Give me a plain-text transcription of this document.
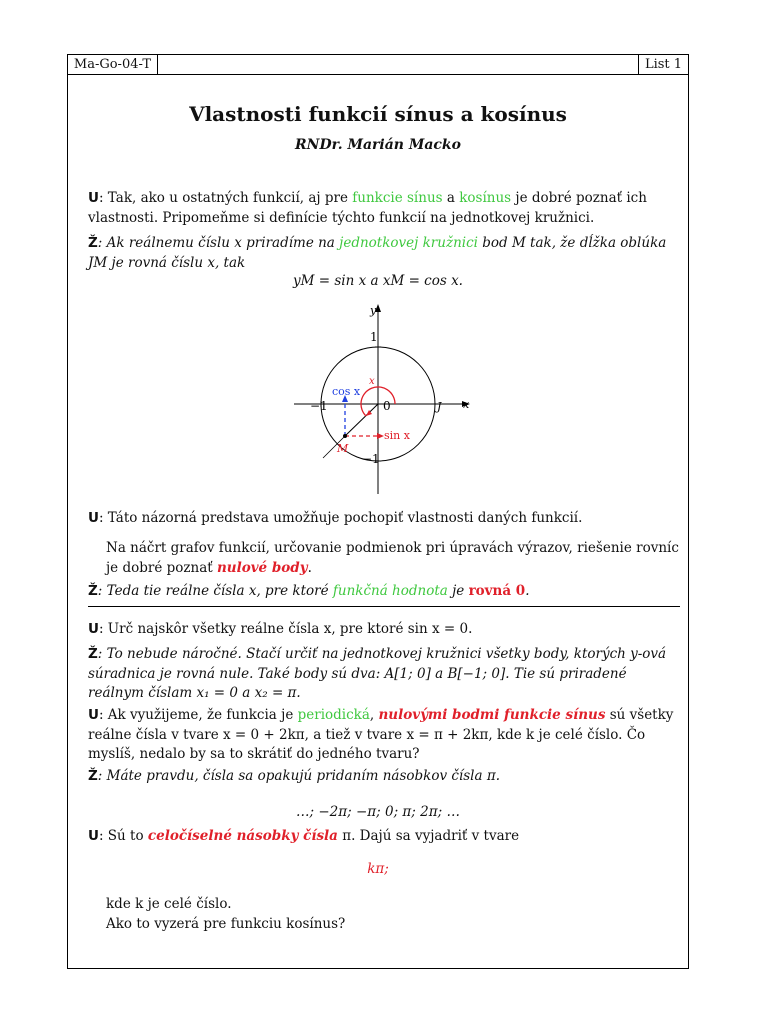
Ma-Go-04-T	List 1
Vlastnosti funkcií sínus a kosínus
RNDr. Marián Macko
U: Tak, ako u ostatných funkcií, aj pre funkcie sínus a kosínus je dobré poznať ich vlastnosti. Pripomeňme si definície týchto funkcií na jednotkovej kružnici.
Ž: Ak reálnemu číslu x priradíme na jednotkovej kružnici bod M tak, že dĺžka oblúka JM je rovná číslu x, tak
yM = sin x a xM = cos x.
y
x
1
−1	0	J
M
−1
cos x
sin x
x
U: Táto názorná predstava umožňuje pochopiť vlastnosti daných funkcií.
Na náčrt grafov funkcií, určovanie podmienok pri úpravách výrazov, riešenie rovníc je dobré poznať nulové body.
Ž: Teda tie reálne čísla x, pre ktoré funkčná hodnota je rovná 0.
U: Urč najskôr všetky reálne čísla x, pre ktoré sin x = 0.
Ž: To nebude náročné. Stačí určiť na jednotkovej kružnici všetky body, ktorých y-ová súradnica je rovná nule. Také body sú dva: A[1; 0] a B[−1; 0]. Tie sú priradené reálnym číslam x₁ = 0 a x₂ = π.
U: Ak využijeme, že funkcia je periodická, nulovými bodmi funkcie sínus sú všetky reálne čísla v tvare x = 0 + 2kπ, a tiež v tvare x = π + 2kπ, kde k je celé číslo. Čo myslíš, nedalo by sa to skrátiť do jedného tvaru?
Ž: Máte pravdu, čísla sa opakujú pridaním násobkov čísla π.
…; −2π; −π; 0; π; 2π; …
U: Sú to celočíselné násobky čísla π. Dajú sa vyjadriť v tvare
kπ;
kde k je celé číslo.
Ako to vyzerá pre funkciu kosínus?
